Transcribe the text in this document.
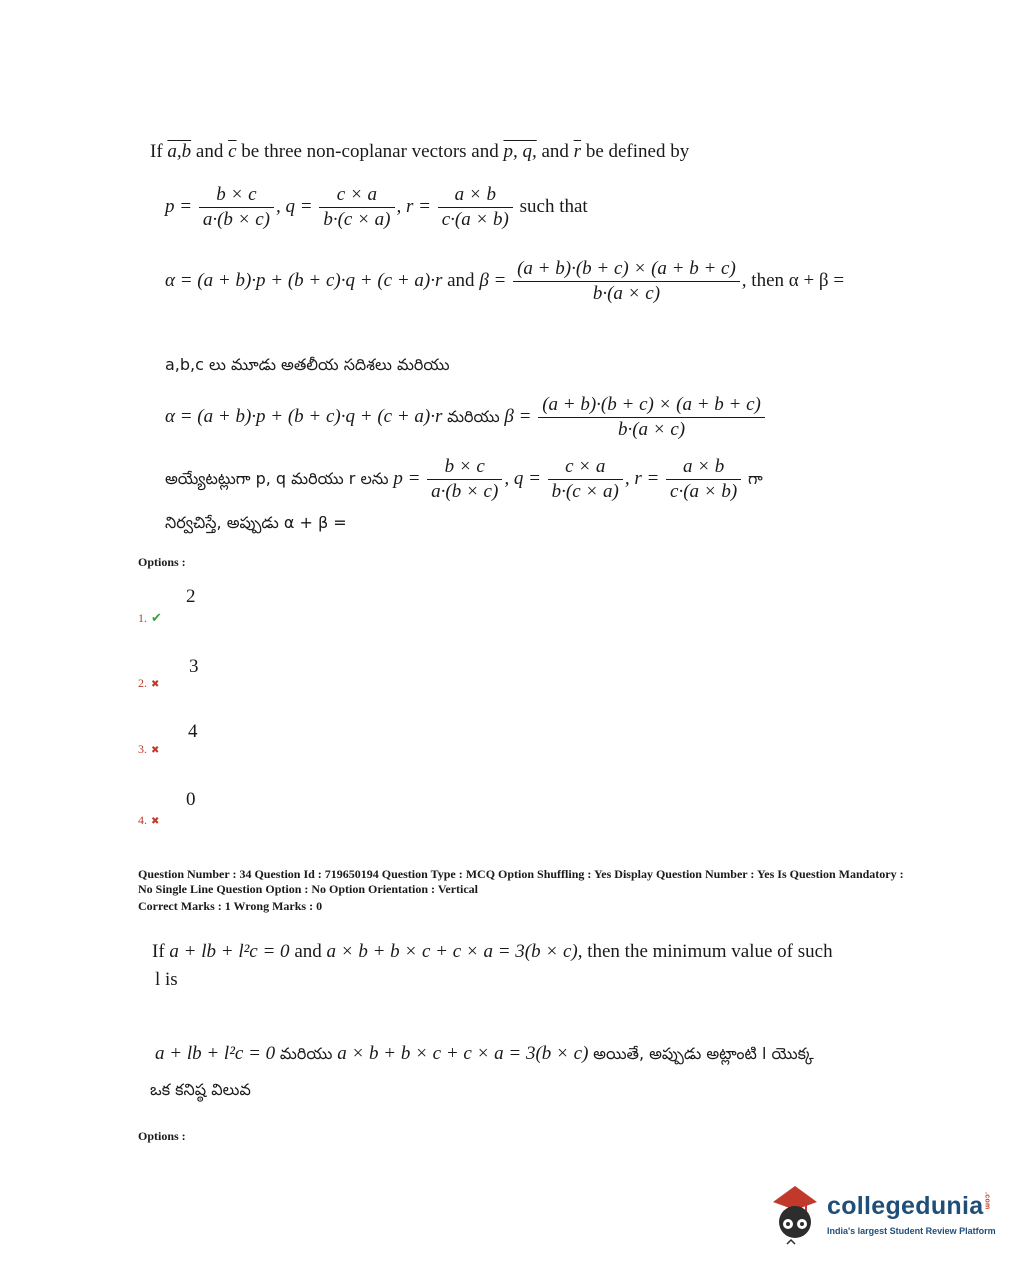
If a,b and $\overline{c}$ be three non-coplanar vectors and p, q, and $\overline{r}$ be defined by
$p = \frac{b \times c}{a\cdot(b \times c)}$ , $q = \frac{c \times a}{b\cdot(c \times a)}$ , $r = \frac{a \times b}{c\cdot(a \times b)}$ such that
α = (a + b)·p + (b + c)·q + (c + a)·r and $\beta = \frac{(a + b)\cdot(b + c) \times (a + b + c)}{b\cdot(a \times c)}$ , then α + β =
a,b,c లు మూడు అతలీయ సదిశలు మరియు
α = (a + b)·p + (b + c)·q + (c + a)·r మరియు $\beta = \frac{(a + b)\cdot(b + c) \times (a + b + c)}{b\cdot(a \times c)}$
అయ్యేటట్లుగా p, q మరియు r లను $p = \frac{b \times c}{a\cdot(b \times c)}$ , $q = \frac{c \times a}{b\cdot(c \times a)}$ , $r = \frac{a \times b}{c\cdot(a \times b)}$ గా
నిర్వచిస్తే, అప్పుడు α + β =
Options :
2
1. ✔
3
2. ✖
4
3. ✖
0
4. ✖
Question Number : 34 Question Id : 719650194 Question Type : MCQ Option Shuffling : Yes Display Question Number : Yes Is Question Mandatory : No Single Line Question Option : No Option Orientation : Vertical
Correct Marks : 1 Wrong Marks : 0
If a + lb + l²c = 0 and a × b + b × c + c × a = 3(b × c), then the minimum value of such
l is
a + lb + l²c = 0 మరియు a × b + b × c + c × a = 3(b × c) అయితే, అప్పుడు అట్లాంటి l యొక్క
ఒక కనిష్ఠ విలువ
Options :
collegedunia.com
India's largest Student Review Platform
